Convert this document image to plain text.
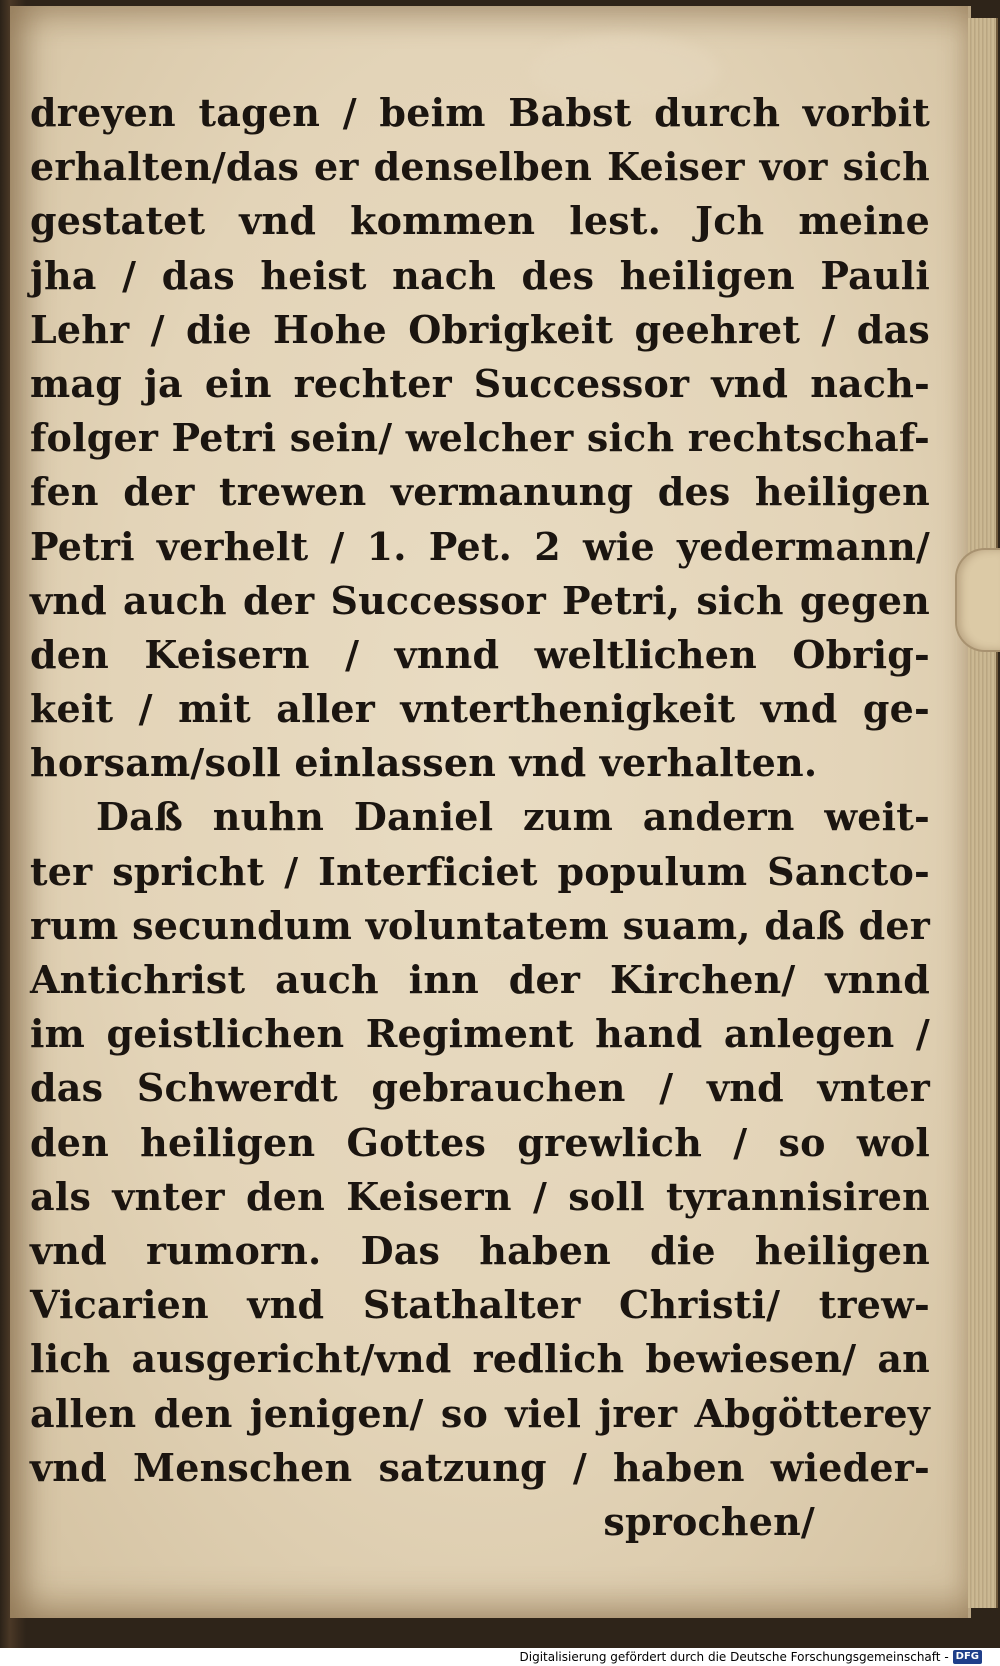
dreyen tagen / beim Babst durch vorbit
erhalten/das er denselben Keiser vor sich
gestatet vnd kommen lest. Jch meine
jha / das heist nach des heiligen Pauli
Lehr / die Hohe Obrigkeit geehret / das
mag ja ein rechter Successor vnd nach-
folger Petri sein/ welcher sich rechtschaf-
fen der trewen vermanung des heiligen
Petri verhelt / 1. Pet. 2 wie yedermann/
vnd auch der Successor Petri, sich gegen
den Keisern / vnnd weltlichen Obrig-
keit / mit aller vnterthenigkeit vnd ge-
horsam/soll einlassen vnd verhalten.
Daß nuhn Daniel zum andern weit-
ter spricht / Interficiet populum Sancto-
rum secundum voluntatem suam, daß der
Antichrist auch inn der Kirchen/ vnnd
im geistlichen Regiment hand anlegen /
das Schwerdt gebrauchen / vnd vnter
den heiligen Gottes grewlich / so wol
als vnter den Keisern / soll tyrannisiren
vnd rumorn. Das haben die heiligen
Vicarien vnd Stathalter Christi/ trew-
lich ausgericht/vnd redlich bewiesen/ an
allen den jenigen/ so viel jrer Abgötterey
vnd Menschen satzung / haben wieder-
sprochen/
Digitalisierung gefördert durch die Deutsche Forschungsgemeinschaft - DFG
